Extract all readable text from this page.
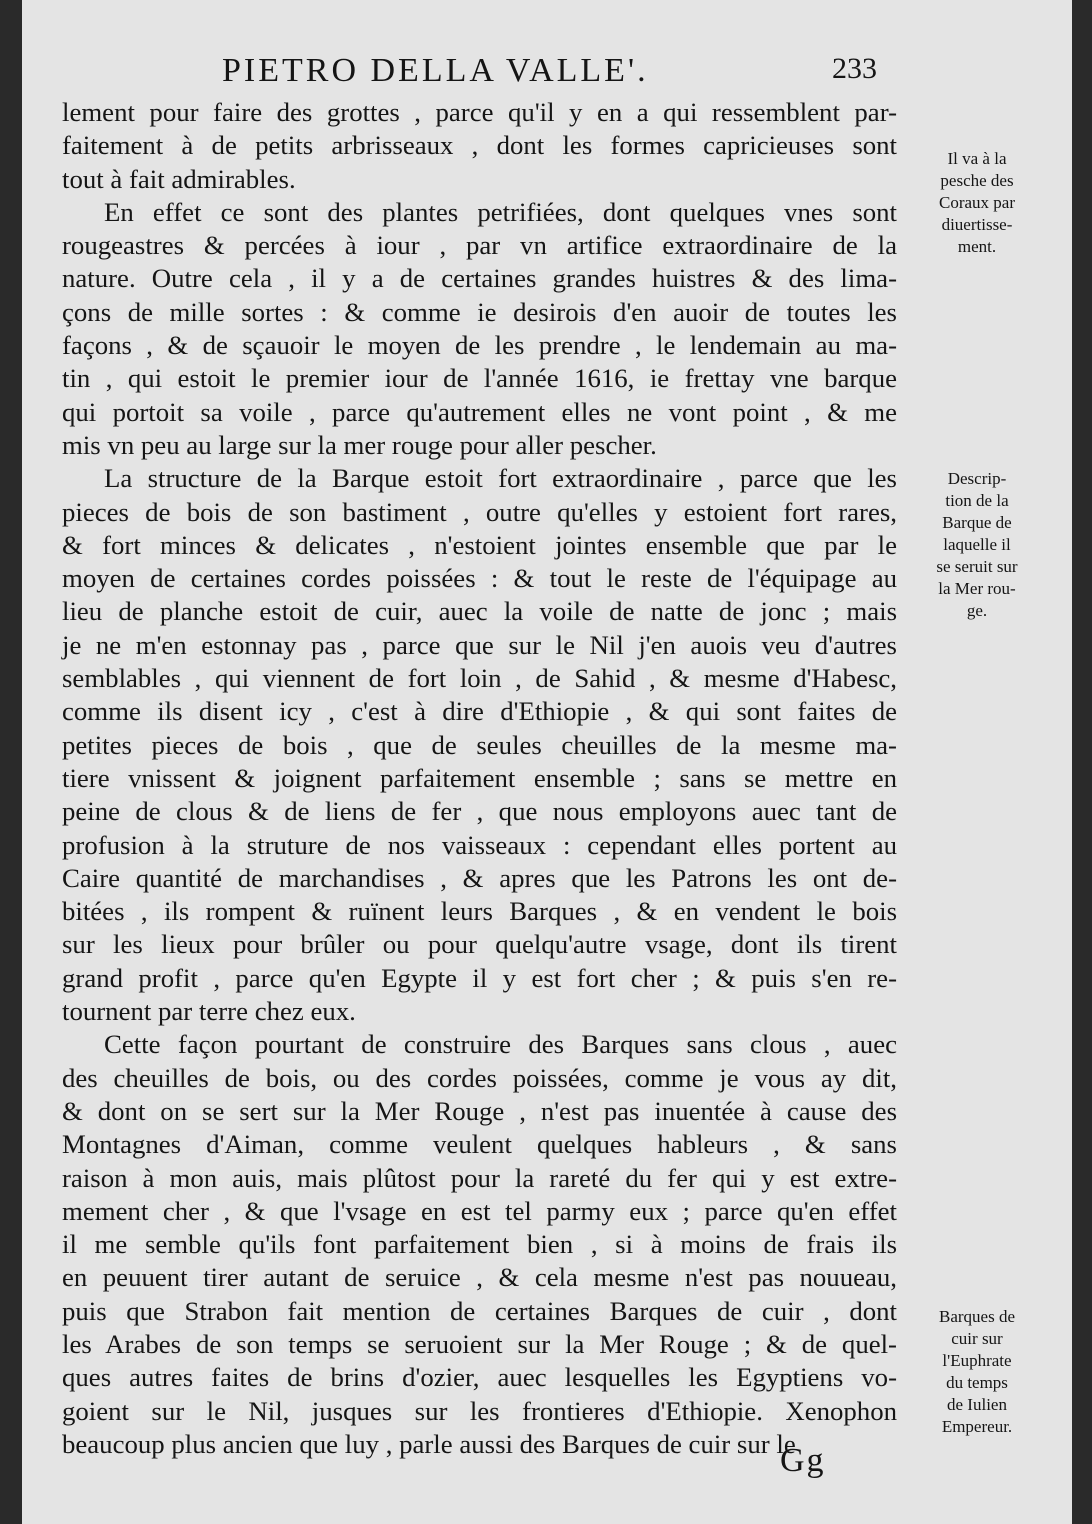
PIETRO DELLA VALLE'.	233
lement pour faire des grottes , parce qu'il y en a qui ressemblent par-
faitement à de petits arbrisseaux , dont les formes capricieuses sont
tout à fait admirables.
En effet ce sont des plantes petrifiées, dont quelques vnes sont
rougeastres & percées à iour , par vn artifice extraordinaire de la
nature. Outre cela , il y a de certaines grandes huistres & des lima-
çons de mille sortes : & comme ie desirois d'en auoir de toutes les
façons , & de sçauoir le moyen de les prendre , le lendemain au ma-
tin , qui estoit le premier iour de l'année 1616, ie frettay vne barque
qui portoit sa voile , parce qu'autrement elles ne vont point , & me
mis vn peu au large sur la mer rouge pour aller pescher.
La structure de la Barque estoit fort extraordinaire , parce que les
pieces de bois de son bastiment , outre qu'elles y estoient fort rares,
& fort minces & delicates , n'estoient jointes ensemble que par le
moyen de certaines cordes poissées : & tout le reste de l'équipage au
lieu de planche estoit de cuir, auec la voile de natte de jonc ; mais
je ne m'en estonnay pas , parce que sur le Nil j'en auois veu d'autres
semblables , qui viennent de fort loin , de Sahid , & mesme d'Habesc,
comme ils disent icy , c'est à dire d'Ethiopie , & qui sont faites de
petites pieces de bois , que de seules cheuilles de la mesme ma-
tiere vnissent & joignent parfaitement ensemble ; sans se mettre en
peine de clous & de liens de fer , que nous employons auec tant de
profusion à la struture de nos vaisseaux : cependant elles portent au
Caire quantité de marchandises , & apres que les Patrons les ont de-
bitées , ils rompent & ruïnent leurs Barques , & en vendent le bois
sur les lieux pour brûler ou pour quelqu'autre vsage, dont ils tirent
grand profit , parce qu'en Egypte il y est fort cher ; & puis s'en re-
tournent par terre chez eux.
Cette façon pourtant de construire des Barques sans clous , auec
des cheuilles de bois, ou des cordes poissées, comme je vous ay dit,
& dont on se sert sur la Mer Rouge , n'est pas inuentée à cause des
Montagnes d'Aiman, comme veulent quelques hableurs , & sans
raison à mon auis, mais plûtost pour la rareté du fer qui y est extre-
mement cher , & que l'vsage en est tel parmy eux ; parce qu'en effet
il me semble qu'ils font parfaitement bien , si à moins de frais ils
en peuuent tirer autant de seruice , & cela mesme n'est pas nouueau,
puis que Strabon fait mention de certaines Barques de cuir , dont
les Arabes de son temps se seruoient sur la Mer Rouge ; & de quel-
ques autres faites de brins d'ozier, auec lesquelles les Egyptiens vo-
goient sur le Nil, jusques sur les frontieres d'Ethiopie. Xenophon
beaucoup plus ancien que luy , parle aussi des Barques de cuir sur le
Il va à la
pesche des
Coraux par
diuertisse-
ment.
Descrip-
tion de la
Barque de
laquelle il
se seruit sur
la Mer rou-
ge.
Barques de
cuir sur
l'Euphrate
du temps
de Iulien
Empereur.
Gg
